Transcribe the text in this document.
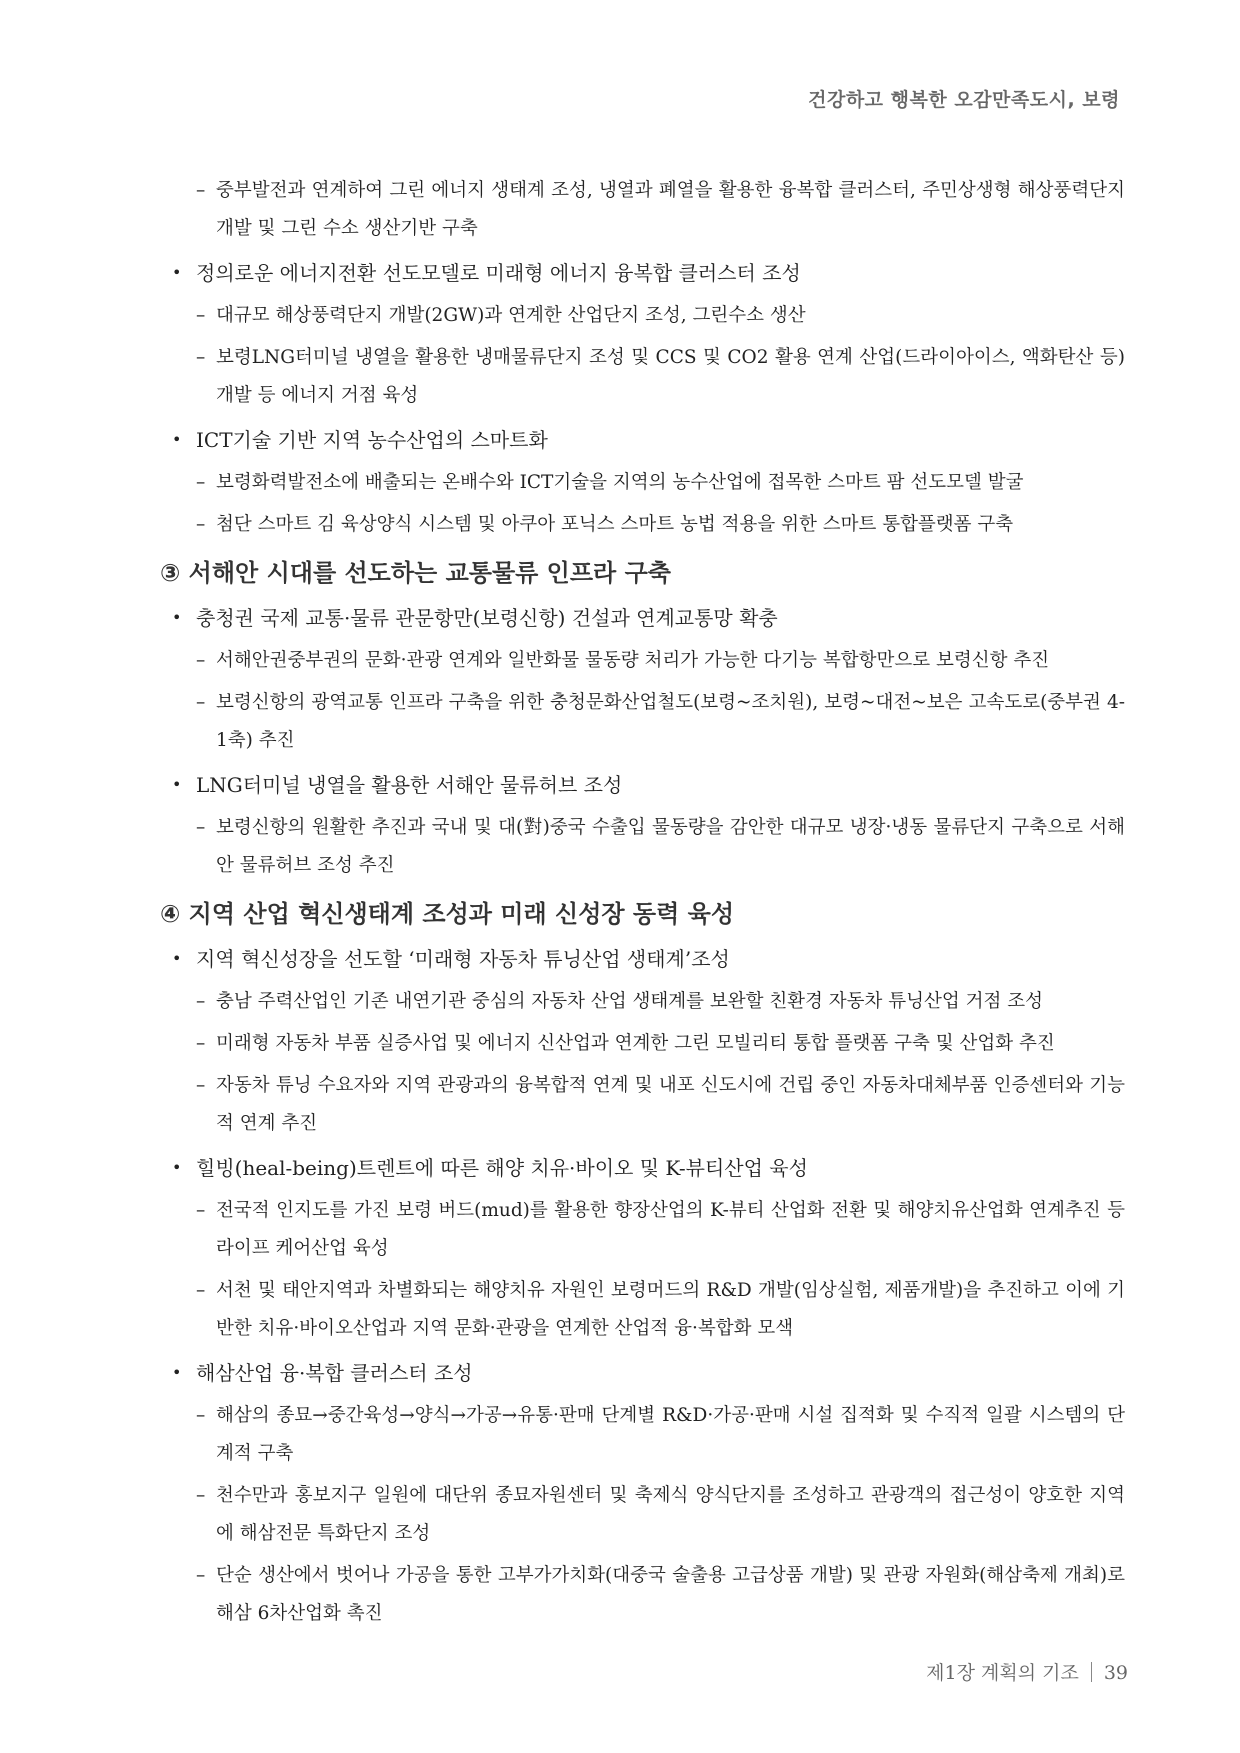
건강하고 행복한 오감만족도시, 보령
– 중부발전과 연계하여 그린 에너지 생태계 조성, 냉열과 폐열을 활용한 융복합 클러스터, 주민상생형 해상풍력단지 개발 및 그린 수소 생산기반 구축
• 정의로운 에너지전환 선도모델로 미래형 에너지 융복합 클러스터 조성
– 대규모 해상풍력단지 개발(2GW)과 연계한 산업단지 조성, 그린수소 생산
– 보령LNG터미널 냉열을 활용한 냉매물류단지 조성 및 CCS 및 CO2 활용 연계 산업(드라이아이스, 액화탄산 등) 개발 등 에너지 거점 육성
• ICT기술 기반 지역 농수산업의 스마트화
– 보령화력발전소에 배출되는 온배수와 ICT기술을 지역의 농수산업에 접목한 스마트 팜 선도모델 발굴
– 첨단 스마트 김 육상양식 시스템 및 아쿠아 포닉스 스마트 농법 적용을 위한 스마트 통합플랫폼 구축
③ 서해안 시대를 선도하는 교통물류 인프라 구축
• 충청권 국제 교통·물류 관문항만(보령신항) 건설과 연계교통망 확충
– 서해안권중부권의 문화·관광 연계와 일반화물 물동량 처리가 가능한 다기능 복합항만으로 보령신항 추진
– 보령신항의 광역교통 인프라 구축을 위한 충청문화산업철도(보령~조치원), 보령~대전~보은 고속도로(중부권 4-1축) 추진
• LNG터미널 냉열을 활용한 서해안 물류허브 조성
– 보령신항의 원활한 추진과 국내 및 대(對)중국 수출입 물동량을 감안한 대규모 냉장·냉동 물류단지 구축으로 서해안 물류허브 조성 추진
④ 지역 산업 혁신생태계 조성과 미래 신성장 동력 육성
• 지역 혁신성장을 선도할 ‘미래형 자동차 튜닝산업 생태계’조성
– 충남 주력산업인 기존 내연기관 중심의 자동차 산업 생태계를 보완할 친환경 자동차 튜닝산업 거점 조성
– 미래형 자동차 부품 실증사업 및 에너지 신산업과 연계한 그린 모빌리티 통합 플랫폼 구축 및 산업화 추진
– 자동차 튜닝 수요자와 지역 관광과의 융복합적 연계 및 내포 신도시에 건립 중인 자동차대체부품 인증센터와 기능적 연계 추진
• 힐빙(heal-being)트렌트에 따른 해양 치유·바이오 및 K-뷰티산업 육성
– 전국적 인지도를 가진 보령 버드(mud)를 활용한 향장산업의 K-뷰티 산업화 전환 및 해양치유산업화 연계추진 등 라이프 케어산업 육성
– 서천 및 태안지역과 차별화되는 해양치유 자원인 보령머드의 R&D 개발(임상실험, 제품개발)을 추진하고 이에 기반한 치유·바이오산업과 지역 문화·관광을 연계한 산업적 융·복합화 모색
• 해삼산업 융·복합 클러스터 조성
– 해삼의 종묘→중간육성→양식→가공→유통·판매 단계별 R&D·가공·판매 시설 집적화 및 수직적 일괄 시스템의 단계적 구축
– 천수만과 홍보지구 일원에 대단위 종묘자원센터 및 축제식 양식단지를 조성하고 관광객의 접근성이 양호한 지역에 해삼전문 특화단지 조성
– 단순 생산에서 벗어나 가공을 통한 고부가가치화(대중국 술출용 고급상품 개발) 및 관광 자원화(해삼축제 개최)로 해삼 6차산업화 촉진
제1장 계획의 기조 39
